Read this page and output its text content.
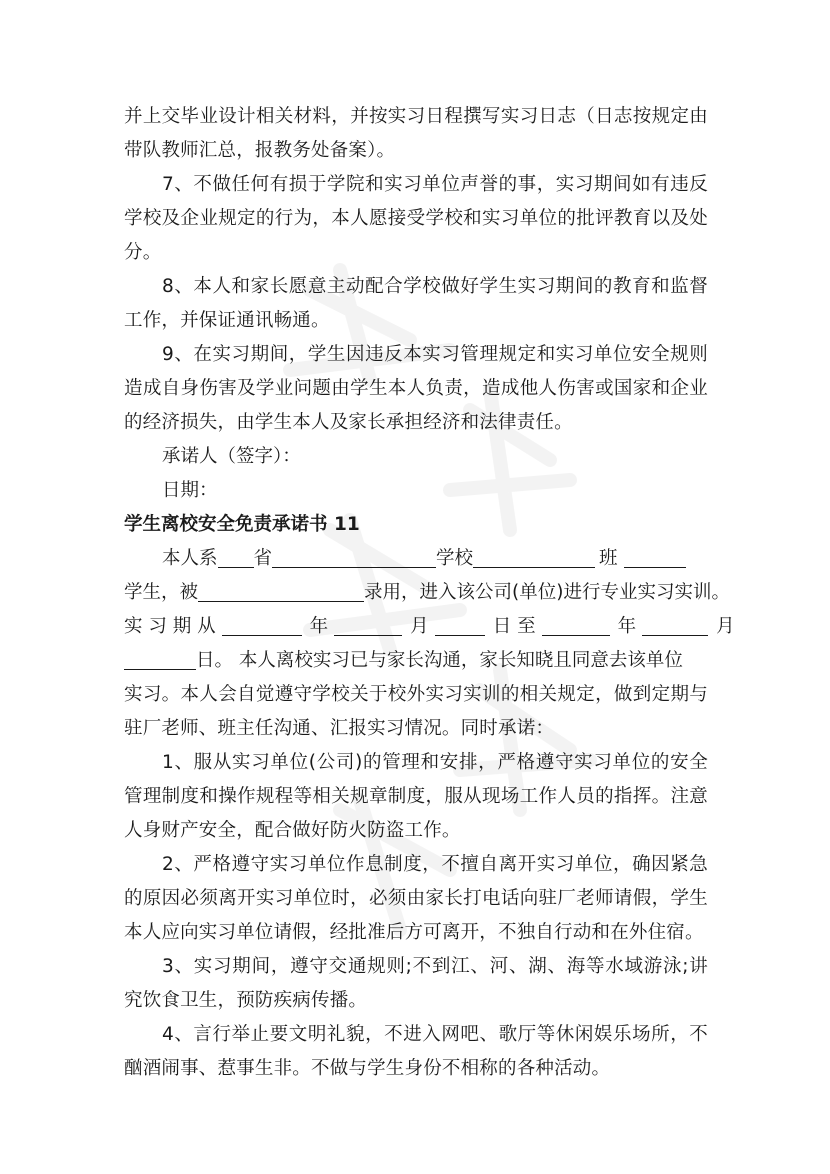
并上交毕业设计相关材料，并按实习日程撰写实习日志（日志按规定由带队教师汇总，报教务处备案）。

7、不做任何有损于学院和实习单位声誉的事，实习期间如有违反学校及企业规定的行为，本人愿接受学校和实习单位的批评教育以及处分。

8、本人和家长愿意主动配合学校做好学生实习期间的教育和监督工作，并保证通讯畅通。

9、在实习期间，学生因违反本实习管理规定和实习单位安全规则造成自身伤害及学业问题由学生本人负责，造成他人伤害或国家和企业的经济损失，由学生本人及家长承担经济和法律责任。

承诺人（签字）：

日期：

学生离校安全免责承诺书 11

本人系 省	学校	班

学生，被	录用，进入该公司(单位)进行专业实习实训。

实 习 期 从	年	月	日 至	年	月

日。 本人离校实习已与家长沟通，家长知晓且同意去该单位

实习。本人会自觉遵守学校关于校外实习实训的相关规定，做到定期与驻厂老师、班主任沟通、汇报实习情况。同时承诺：

1、服从实习单位(公司)的管理和安排，严格遵守实习单位的安全管理制度和操作规程等相关规章制度，服从现场工作人员的指挥。注意人身财产安全，配合做好防火防盗工作。

2、严格遵守实习单位作息制度，不擅自离开实习单位，确因紧急的原因必须离开实习单位时，必须由家长打电话向驻厂老师请假，学生本人应向实习单位请假，经批准后方可离开，不独自行动和在外住宿。

3、实习期间，遵守交通规则;不到江、河、湖、海等水域游泳;讲究饮食卫生，预防疾病传播。

4、言行举止要文明礼貌，不进入网吧、歌厅等休闲娱乐场所，不酗酒闹事、惹事生非。不做与学生身份不相称的各种活动。
